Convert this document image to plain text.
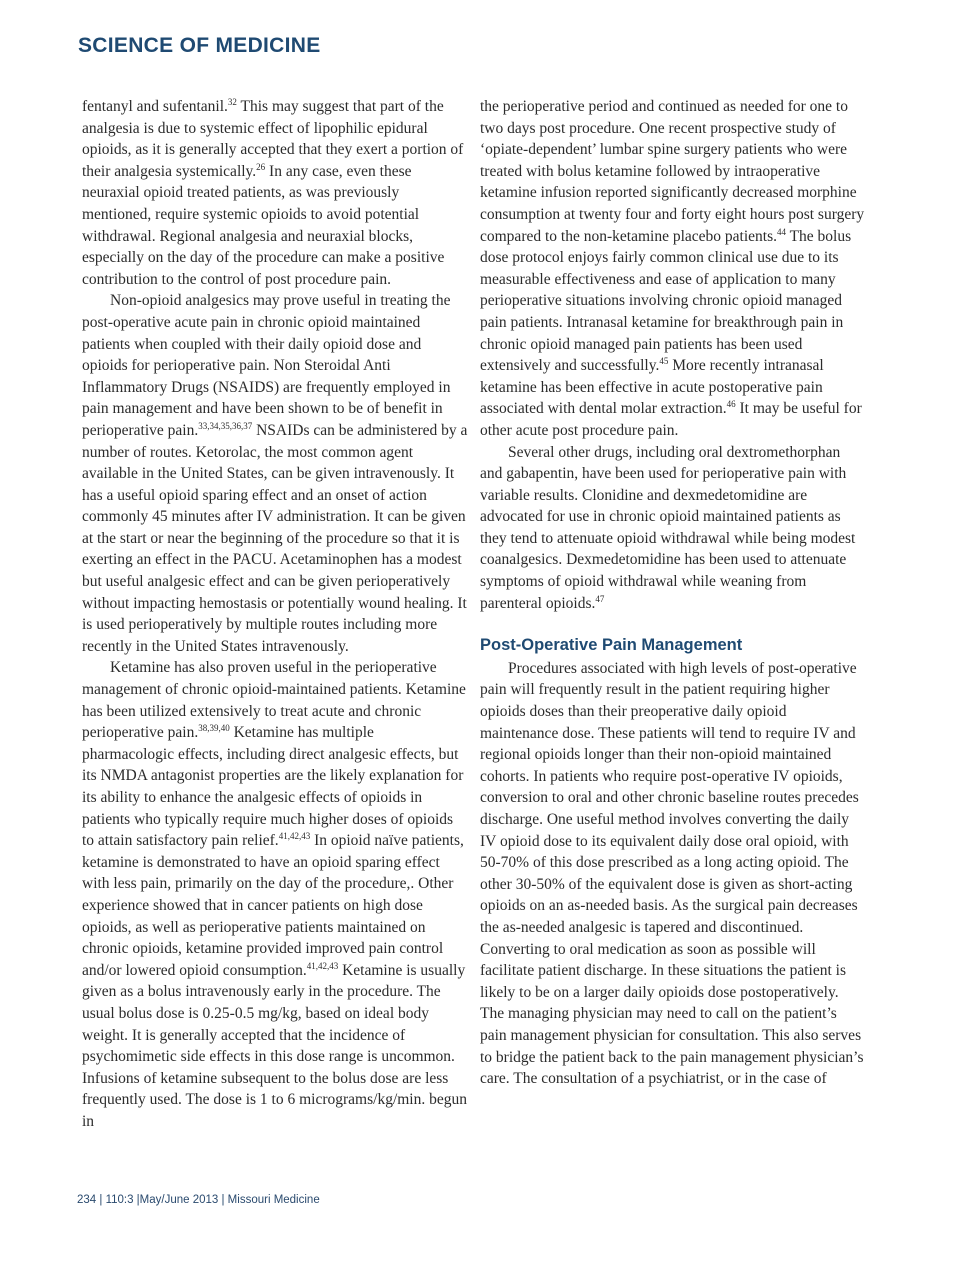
SCIENCE OF MEDICINE

fentanyl and sufentanil.$^{32}$ This may suggest that part of the analgesia is due to systemic effect of lipophilic epidural opioids, as it is generally accepted that they exert a portion of their analgesia systemically.$^{26}$ In any case, even these neuraxial opioid treated patients, as was previously mentioned, require systemic opioids to avoid potential withdrawal. Regional analgesia and neuraxial blocks, especially on the day of the procedure can make a positive contribution to the control of post procedure pain.

Non-opioid analgesics may prove useful in treating the post-operative acute pain in chronic opioid maintained patients when coupled with their daily opioid dose and opioids for perioperative pain. Non Steroidal Anti Inflammatory Drugs (NSAIDS) are frequently employed in pain management and have been shown to be of benefit in perioperative pain.$^{33,34,35,36,37}$ NSAIDs can be administered by a number of routes. Ketorolac, the most common agent available in the United States, can be given intravenously. It has a useful opioid sparing effect and an onset of action commonly 45 minutes after IV administration. It can be given at the start or near the beginning of the procedure so that it is exerting an effect in the PACU. Acetaminophen has a modest but useful analgesic effect and can be given perioperatively without impacting hemostasis or potentially wound healing. It is used perioperatively by multiple routes including more recently in the United States intravenously.

Ketamine has also proven useful in the perioperative management of chronic opioid-maintained patients. Ketamine has been utilized extensively to treat acute and chronic perioperative pain.$^{38,39,40}$ Ketamine has multiple pharmacologic effects, including direct analgesic effects, but its NMDA antagonist properties are the likely explanation for its ability to enhance the analgesic effects of opioids in patients who typically require much higher doses of opioids to attain satisfactory pain relief.$^{41,42,43}$ In opioid naïve patients, ketamine is demonstrated to have an opioid sparing effect with less pain, primarily on the day of the procedure,. Other experience showed that in cancer patients on high dose opioids, as well as perioperative patients maintained on chronic opioids, ketamine provided improved pain control and/or lowered opioid consumption.$^{41,42,43}$ Ketamine is usually given as a bolus intravenously early in the procedure. The usual bolus dose is 0.25-0.5 mg/kg, based on ideal body weight. It is generally accepted that the incidence of psychomimetic side effects in this dose range is uncommon. Infusions of ketamine subsequent to the bolus dose are less frequently used. The dose is 1 to 6 micrograms/kg/min. begun in

the perioperative period and continued as needed for one to two days post procedure. One recent prospective study of ‘opiate-dependent’ lumbar spine surgery patients who were treated with bolus ketamine followed by intraoperative ketamine infusion reported significantly decreased morphine consumption at twenty four and forty eight hours post surgery compared to the non-ketamine placebo patients.$^{44}$ The bolus dose protocol enjoys fairly common clinical use due to its measurable effectiveness and ease of application to many perioperative situations involving chronic opioid managed pain patients. Intranasal ketamine for breakthrough pain in chronic opioid managed pain patients has been used extensively and successfully.$^{45}$ More recently intranasal ketamine has been effective in acute postoperative pain associated with dental molar extraction.$^{46}$ It may be useful for other acute post procedure pain.

Several other drugs, including oral dextromethorphan and gabapentin, have been used for perioperative pain with variable results. Clonidine and dexmedetomidine are advocated for use in chronic opioid maintained patients as they tend to attenuate opioid withdrawal while being modest coanalgesics. Dexmedetomidine has been used to attenuate symptoms of opioid withdrawal while weaning from parenteral opioids.$^{47}$

Post-Operative Pain Management

Procedures associated with high levels of post-operative pain will frequently result in the patient requiring higher opioids doses than their preoperative daily opioid maintenance dose. These patients will tend to require IV and regional opioids longer than their non-opioid maintained cohorts. In patients who require post-operative IV opioids, conversion to oral and other chronic baseline routes precedes discharge. One useful method involves converting the daily IV opioid dose to its equivalent daily dose oral opioid, with 50-70% of this dose prescribed as a long acting opioid. The other 30-50% of the equivalent dose is given as short-acting opioids on an as-needed basis. As the surgical pain decreases the as-needed analgesic is tapered and discontinued. Converting to oral medication as soon as possible will facilitate patient discharge. In these situations the patient is likely to be on a larger daily opioids dose postoperatively. The managing physician may need to call on the patient’s pain management physician for consultation. This also serves to bridge the patient back to the pain management physician’s care. The consultation of a psychiatrist, or in the case of

234 | 110:3 |May/June 2013 | Missouri Medicine
